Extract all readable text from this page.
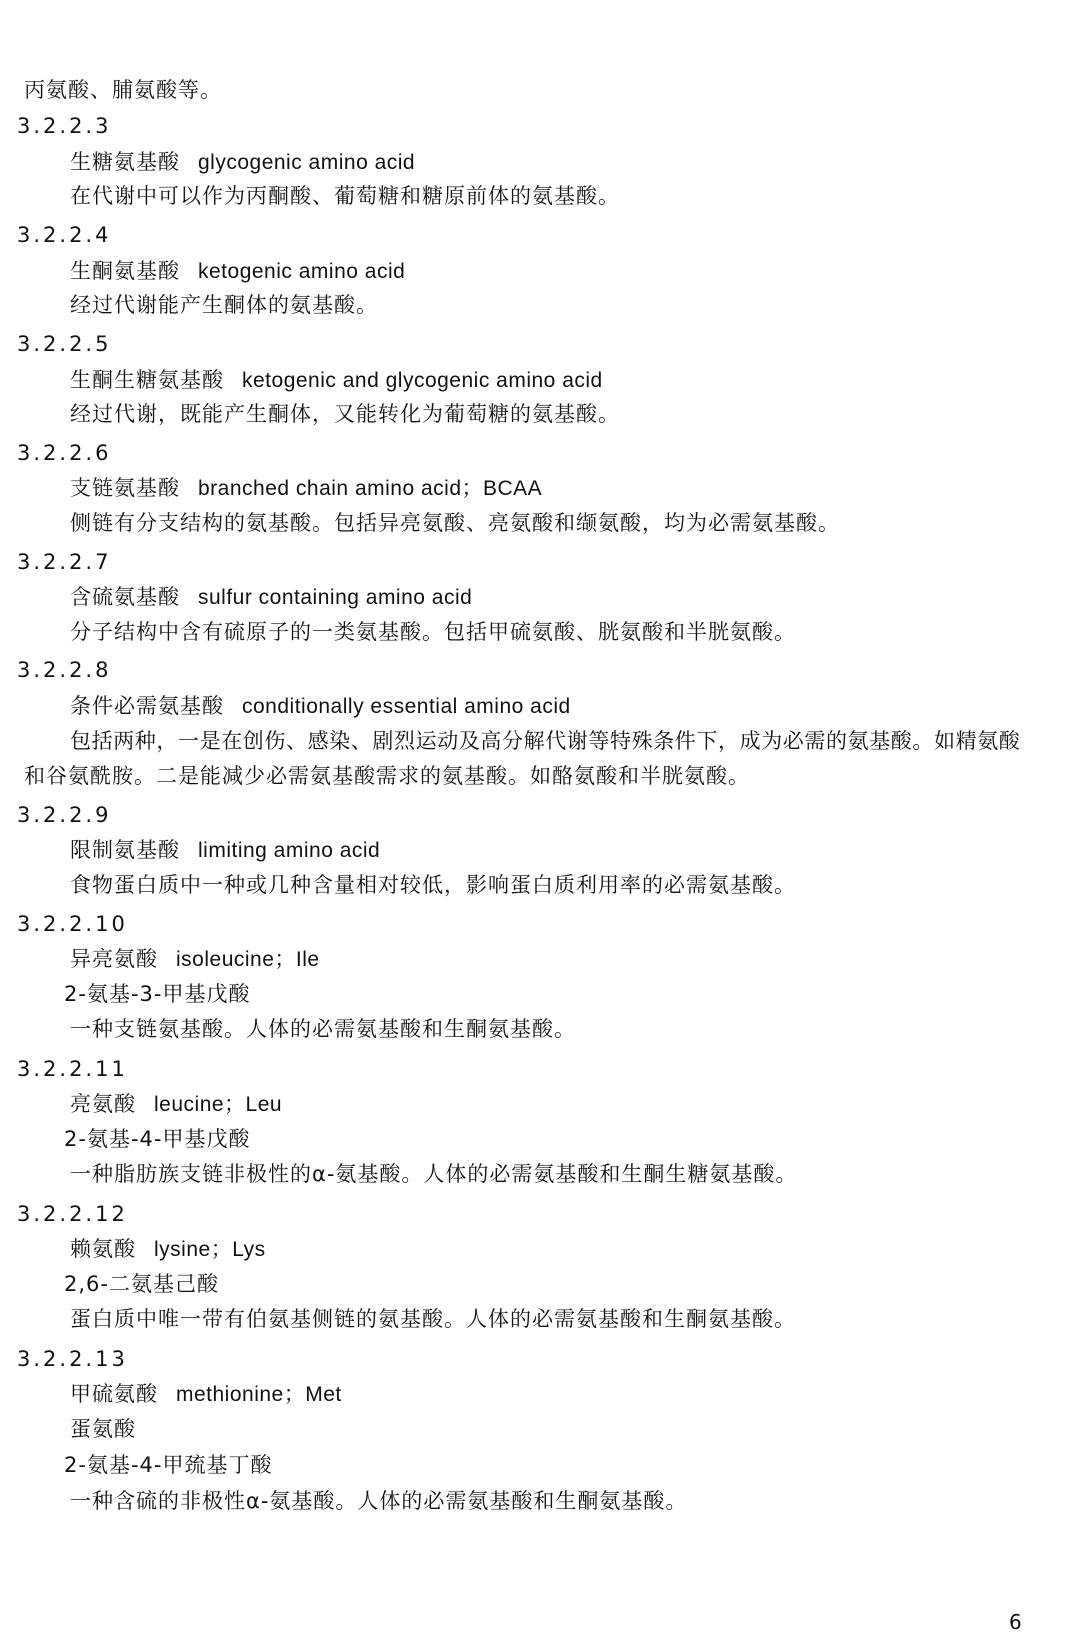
丙氨酸、脯氨酸等。
3.2.2.3
生糖氨基酸 glycogenic amino acid
在代谢中可以作为丙酮酸、葡萄糖和糖原前体的氨基酸。
3.2.2.4
生酮氨基酸 ketogenic amino acid
经过代谢能产生酮体的氨基酸。
3.2.2.5
生酮生糖氨基酸 ketogenic and glycogenic amino acid
经过代谢，既能产生酮体，又能转化为葡萄糖的氨基酸。
3.2.2.6
支链氨基酸 branched chain amino acid；BCAA
侧链有分支结构的氨基酸。包括异亮氨酸、亮氨酸和缬氨酸，均为必需氨基酸。
3.2.2.7
含硫氨基酸 sulfur containing amino acid
分子结构中含有硫原子的一类氨基酸。包括甲硫氨酸、胱氨酸和半胱氨酸。
3.2.2.8
条件必需氨基酸 conditionally essential amino acid
包括两种，一是在创伤、感染、剧烈运动及高分解代谢等特殊条件下，成为必需的氨基酸。如精氨酸
和谷氨酰胺。二是能减少必需氨基酸需求的氨基酸。如酪氨酸和半胱氨酸。
3.2.2.9
限制氨基酸 limiting amino acid
食物蛋白质中一种或几种含量相对较低，影响蛋白质利用率的必需氨基酸。
3.2.2.10
异亮氨酸 isoleucine；Ile
2-氨基-3-甲基戊酸
一种支链氨基酸。人体的必需氨基酸和生酮氨基酸。
3.2.2.11
亮氨酸 leucine；Leu
2-氨基-4-甲基戊酸
一种脂肪族支链非极性的α-氨基酸。人体的必需氨基酸和生酮生糖氨基酸。
3.2.2.12
赖氨酸 lysine；Lys
2,6-二氨基己酸
蛋白质中唯一带有伯氨基侧链的氨基酸。人体的必需氨基酸和生酮氨基酸。
3.2.2.13
甲硫氨酸 methionine；Met
蛋氨酸
2-氨基-4-甲巯基丁酸
一种含硫的非极性α-氨基酸。人体的必需氨基酸和生酮氨基酸。
6
